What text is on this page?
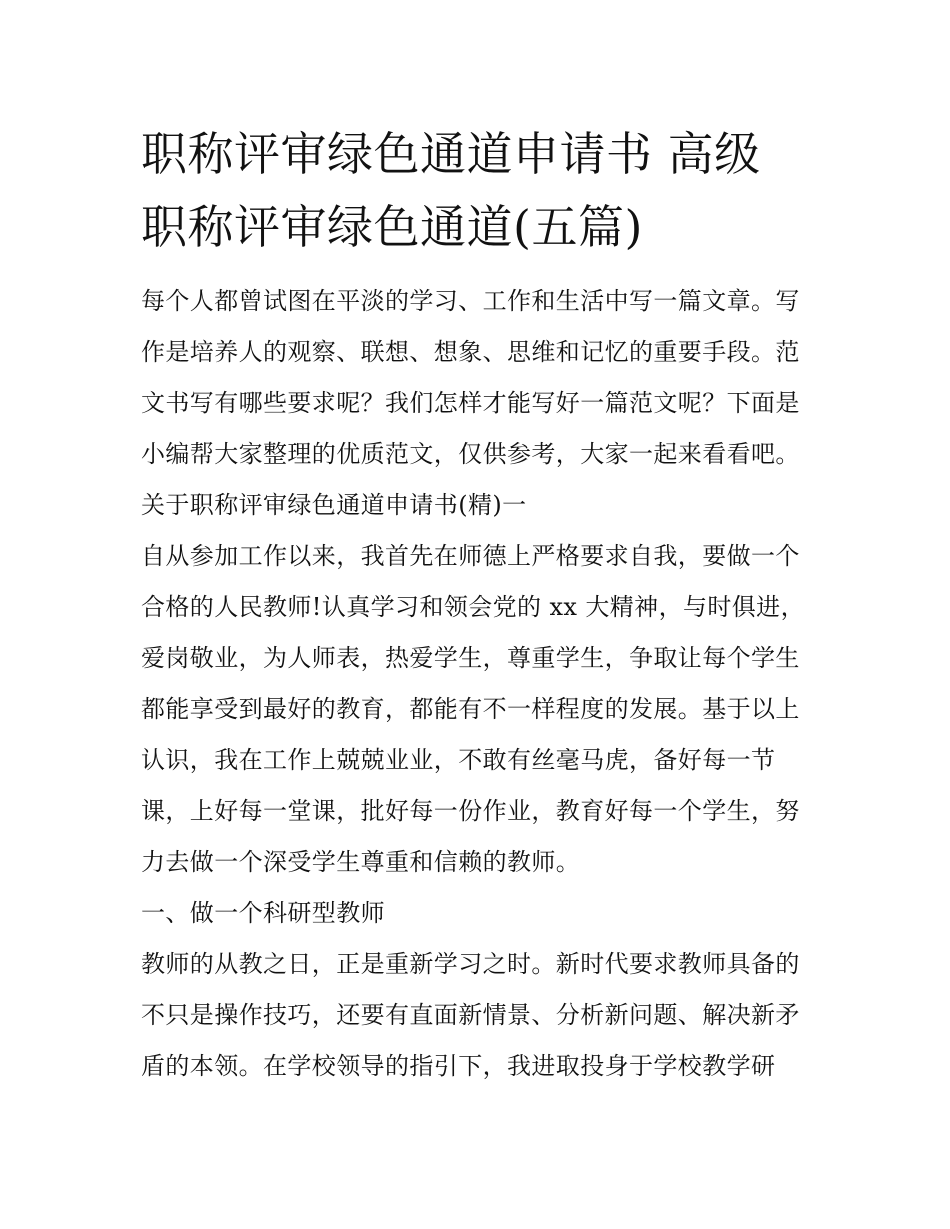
职称评审绿色通道申请书 高级
职称评审绿色通道(五篇)
每个人都曾试图在平淡的学习、工作和生活中写一篇文章。写
作是培养人的观察、联想、想象、思维和记忆的重要手段。范
文书写有哪些要求呢？我们怎样才能写好一篇范文呢？下面是
小编帮大家整理的优质范文，仅供参考，大家一起来看看吧。
关于职称评审绿色通道申请书(精)一
自从参加工作以来，我首先在师德上严格要求自我，要做一个
合格的人民教师!认真学习和领会党的 xx 大精神，与时俱进，
爱岗敬业，为人师表，热爱学生，尊重学生，争取让每个学生
都能享受到最好的教育，都能有不一样程度的发展。基于以上
认识，我在工作上兢兢业业，不敢有丝毫马虎，备好每一节
课，上好每一堂课，批好每一份作业，教育好每一个学生，努
力去做一个深受学生尊重和信赖的教师。
一、做一个科研型教师
教师的从教之日，正是重新学习之时。新时代要求教师具备的
不只是操作技巧，还要有直面新情景、分析新问题、解决新矛
盾的本领。在学校领导的指引下，我进取投身于学校教学研
